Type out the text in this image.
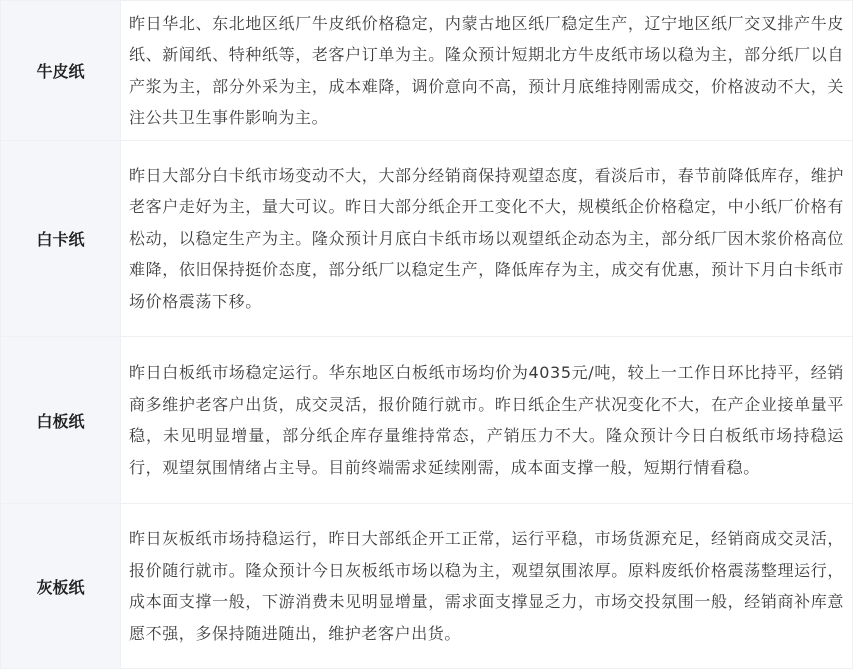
牛皮纸	昨日华北、东北地区纸厂牛皮纸价格稳定，内蒙古地区纸厂稳定生产，辽宁地区纸厂交叉排产牛皮纸、新闻纸、特种纸等，老客户订单为主。隆众预计短期北方牛皮纸市场以稳为主，部分纸厂以自产浆为主，部分外采为主，成本难降，调价意向不高，预计月底维持刚需成交，价格波动不大，关注公共卫生事件影响为主。
白卡纸	昨日大部分白卡纸市场变动不大，大部分经销商保持观望态度，看淡后市，春节前降低库存，维护老客户走好为主，量大可议。昨日大部分纸企开工变化不大，规模纸企价格稳定，中小纸厂价格有松动，以稳定生产为主。隆众预计月底白卡纸市场以观望纸企动态为主，部分纸厂因木浆价格高位难降，依旧保持挺价态度，部分纸厂以稳定生产，降低库存为主，成交有优惠，预计下月白卡纸市场价格震荡下移。
白板纸	昨日白板纸市场稳定运行。华东地区白板纸市场均价为4035元/吨，较上一工作日环比持平，经销商多维护老客户出货，成交灵活，报价随行就市。昨日纸企生产状况变化不大，在产企业接单量平稳，未见明显增量，部分纸企库存量维持常态，产销压力不大。隆众预计今日白板纸市场持稳运行，观望氛围情绪占主导。目前终端需求延续刚需，成本面支撑一般，短期行情看稳。
灰板纸	昨日灰板纸市场持稳运行，昨日大部纸企开工正常，运行平稳，市场货源充足，经销商成交灵活，报价随行就市。隆众预计今日灰板纸市场以稳为主，观望氛围浓厚。原料废纸价格震荡整理运行，成本面支撑一般，下游消费未见明显增量，需求面支撑显乏力，市场交投氛围一般，经销商补库意愿不强，多保持随进随出，维护老客户出货。
